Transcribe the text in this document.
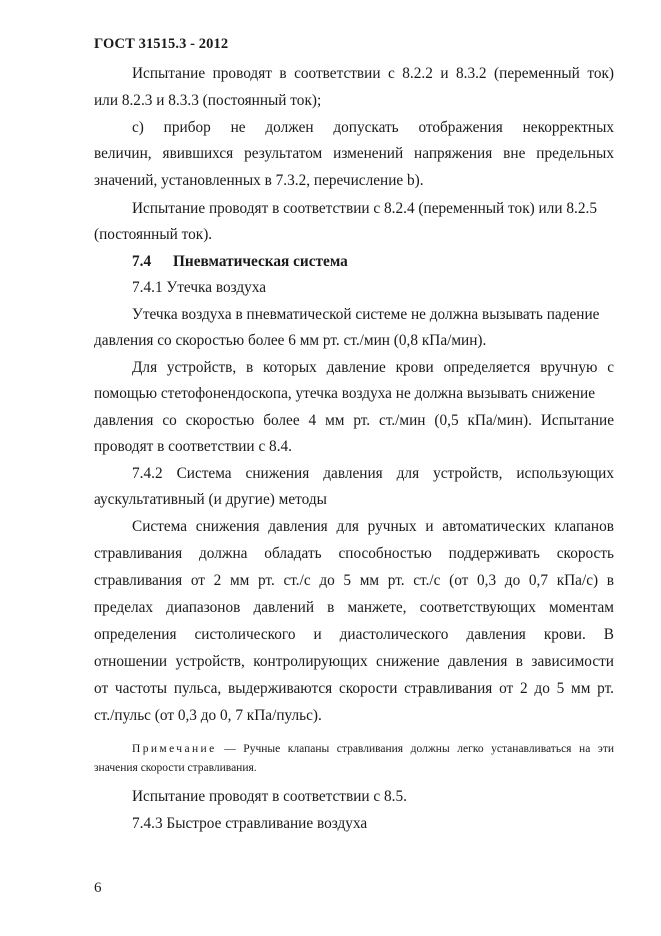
ГОСТ 31515.3 - 2012
Испытание проводят в соответствии с 8.2.2 и 8.3.2 (переменный ток)
или 8.2.3 и 8.3.3 (постоянный ток);
с) прибор не должен допускать отображения некорректных
величин, явившихся результатом изменений напряжения вне предельных
значений, установленных в 7.3.2, перечисление b).
Испытание проводят в соответствии с 8.2.4 (переменный ток) или 8.2.5
(постоянный ток).
7.4 Пневматическая система
7.4.1 Утечка воздуха
Утечка воздуха в пневматической системе не должна вызывать падение
давления со скоростью более 6 мм рт. ст./мин (0,8 кПа/мин).
Для устройств, в которых давление крови определяется вручную с
помощью стетофонендоскопа, утечка воздуха не должна вызывать снижение
давления со скоростью более 4 мм рт. ст./мин (0,5 кПа/мин). Испытание
проводят в соответствии с 8.4.
7.4.2 Система снижения давления для устройств, использующих
аускультативный (и другие) методы
Система снижения давления для ручных и автоматических клапанов
стравливания должна обладать способностью поддерживать скорость
стравливания от 2 мм рт. ст./с до 5 мм рт. ст./с (от 0,3 до 0,7 кПа/с) в
пределах диапазонов давлений в манжете, соответствующих моментам
определения систолического и диастолического давления крови. В
отношении устройств, контролирующих снижение давления в зависимости
от частоты пульса, выдерживаются скорости стравливания от 2 до 5 мм рт.
ст./пульс (от 0,3 до 0, 7 кПа/пульс).
Примечание — Ручные клапаны стравливания должны легко устанавливаться на эти
значения скорости стравливания.
Испытание проводят в соответствии с 8.5.
7.4.3 Быстрое стравливание воздуха
6
